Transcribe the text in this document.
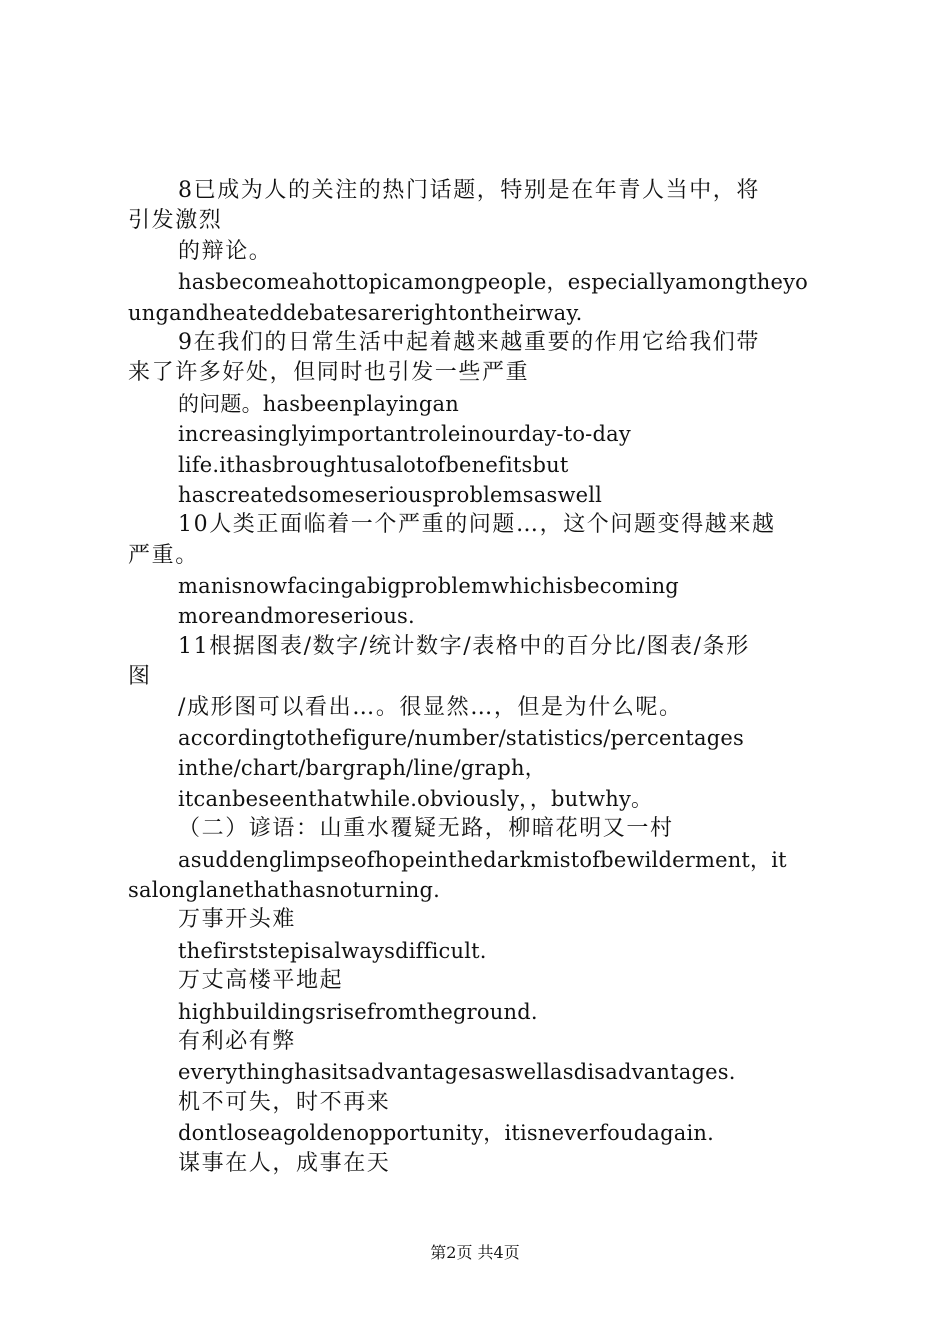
8已成为人的关注的热门话题，特别是在年青人当中，将
引发激烈
的辩论。
hasbecomeahottopicamongpeople，especiallyamongtheyo
ungandheateddebatesarerightontheirway.
9在我们的日常生活中起着越来越重要的作用它给我们带
来了许多好处，但同时也引发一些严重
的问题。hasbeenplayingan
increasinglyimportantroleinourday-to-day
life.ithasbroughtusalotofbenefitsbut
hascreatedsomeseriousproblemsaswell
10人类正面临着一个严重的问题…，这个问题变得越来越
严重。
manisnowfacingabigproblemwhichisbecoming
moreandmoreserious.
11根据图表/数字/统计数字/表格中的百分比/图表/条形
图
/成形图可以看出…。很显然…，但是为什么呢。
accordingtothefigure/number/statistics/percentages
inthe/chart/bargraph/line/graph，
itcanbeseenthatwhile.obviously，，butwhy。
（二）谚语：山重水覆疑无路，柳暗花明又一村
asuddenglimpseofhopeinthedarkmistofbewilderment，it
salonglanethathasnoturning.
万事开头难
thefirststepisalwaysdifficult.
万丈高楼平地起
highbuildingsrisefromtheground.
有利必有弊
everythinghasitsadvantagesaswellasdisadvantages.
机不可失，时不再来
dontloseagoldenopportunity，itisneverfoudagain.
谋事在人，成事在天
第2页 共4页
